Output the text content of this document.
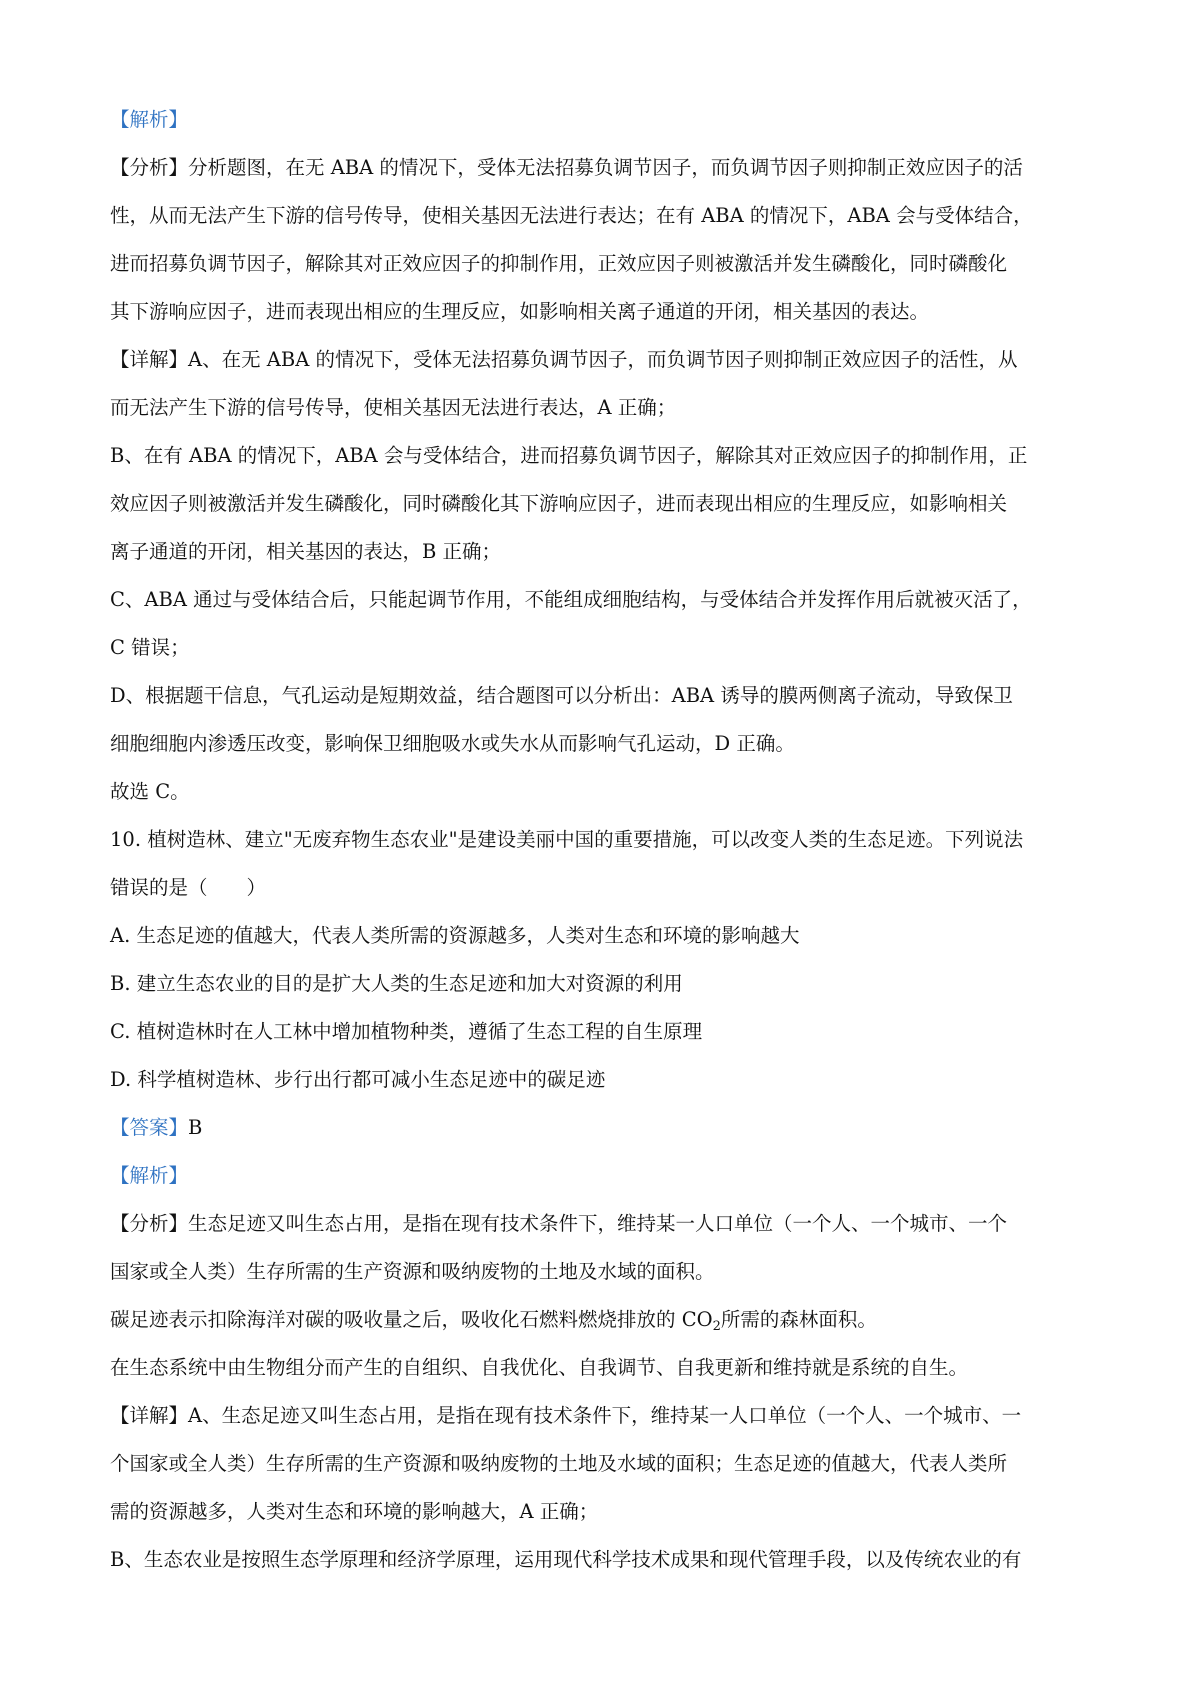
【解析】
【分析】分析题图，在无 ABA 的情况下，受体无法招募负调节因子，而负调节因子则抑制正效应因子的活
性，从而无法产生下游的信号传导，使相关基因无法进行表达；在有 ABA 的情况下，ABA 会与受体结合，
进而招募负调节因子，解除其对正效应因子的抑制作用，正效应因子则被激活并发生磷酸化，同时磷酸化
其下游响应因子，进而表现出相应的生理反应，如影响相关离子通道的开闭，相关基因的表达。
【详解】A、在无 ABA 的情况下，受体无法招募负调节因子，而负调节因子则抑制正效应因子的活性，从
而无法产生下游的信号传导，使相关基因无法进行表达，A 正确；
B、在有 ABA 的情况下，ABA 会与受体结合，进而招募负调节因子，解除其对正效应因子的抑制作用，正
效应因子则被激活并发生磷酸化，同时磷酸化其下游响应因子，进而表现出相应的生理反应，如影响相关
离子通道的开闭，相关基因的表达，B 正确；
C、ABA 通过与受体结合后，只能起调节作用，不能组成细胞结构，与受体结合并发挥作用后就被灭活了，
C 错误；
D、根据题干信息，气孔运动是短期效益，结合题图可以分析出：ABA 诱导的膜两侧离子流动，导致保卫
细胞细胞内渗透压改变，影响保卫细胞吸水或失水从而影响气孔运动，D 正确。
故选 C。
10. 植树造林、建立"无废弃物生态农业"是建设美丽中国的重要措施，可以改变人类的生态足迹。下列说法
错误的是（　　）
A. 生态足迹的值越大，代表人类所需的资源越多，人类对生态和环境的影响越大
B. 建立生态农业的目的是扩大人类的生态足迹和加大对资源的利用
C. 植树造林时在人工林中增加植物种类，遵循了生态工程的自生原理
D. 科学植树造林、步行出行都可减小生态足迹中的碳足迹
【答案】B
【解析】
【分析】生态足迹又叫生态占用，是指在现有技术条件下，维持某一人口单位（一个人、一个城市、一个
国家或全人类）生存所需的生产资源和吸纳废物的土地及水域的面积。
碳足迹表示扣除海洋对碳的吸收量之后，吸收化石燃料燃烧排放的 $CO_2$所需的森林面积。
在生态系统中由生物组分而产生的自组织、自我优化、自我调节、自我更新和维持就是系统的自生。
【详解】A、生态足迹又叫生态占用，是指在现有技术条件下，维持某一人口单位（一个人、一个城市、一
个国家或全人类）生存所需的生产资源和吸纳废物的土地及水域的面积；生态足迹的值越大，代表人类所
需的资源越多，人类对生态和环境的影响越大，A 正确；
B、生态农业是按照生态学原理和经济学原理，运用现代科学技术成果和现代管理手段，以及传统农业的有
